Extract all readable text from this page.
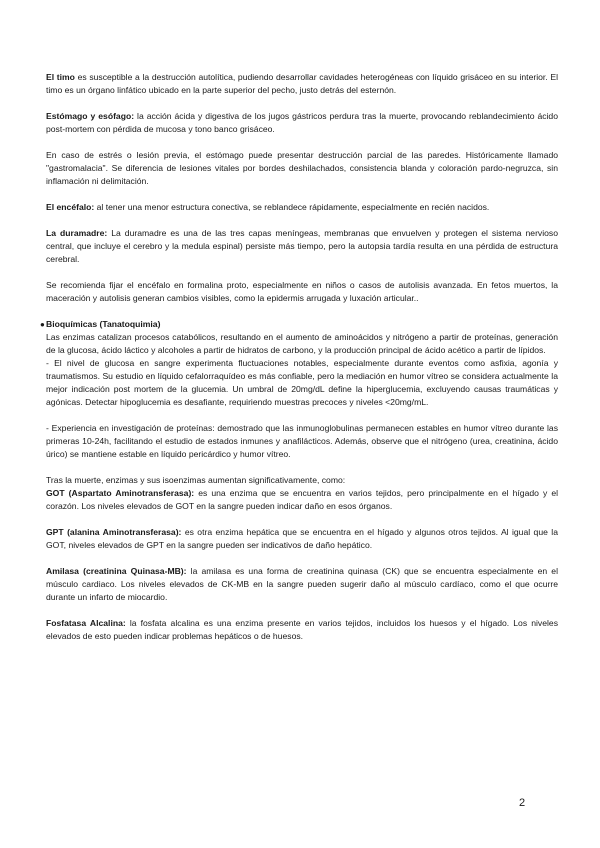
El timo es susceptible a la destrucción autolítica, pudiendo desarrollar cavidades heterogéneas con líquido grisáceo en su interior. El timo es un órgano linfático ubicado en la parte superior del pecho, justo detrás del esternón.

Estómago y esófago: la acción ácida y digestiva de los jugos gástricos perdura tras la muerte, provocando reblandecimiento ácido post-mortem con pérdida de mucosa y tono banco grisáceo.

En caso de estrés o lesión previa, el estómago puede presentar destrucción parcial de las paredes. Históricamente llamado "gastromalacia". Se diferencia de lesiones vitales por bordes deshilachados, consistencia blanda y coloración pardo-negruzca, sin inflamación ni delimitación.

El encéfalo: al tener una menor estructura conectiva, se reblandece rápidamente, especialmente en recién nacidos.

La duramadre: La duramadre es una de las tres capas meníngeas, membranas que envuelven y protegen el sistema nervioso central, que incluye el cerebro y la medula espinal) persiste más tiempo, pero la autopsia tardía resulta en una pérdida de estructura cerebral.

Se recomienda fijar el encéfalo en formalina proto, especialmente en niños o casos de autolisis avanzada. En fetos muertos, la maceración y autolisis generan cambios visibles, como la epidermis arrugada y luxación articular..

● Bioquímicas (Tanatoquimia)

Las enzimas catalizan procesos catabólicos, resultando en el aumento de aminoácidos y nitrógeno a partir de proteínas, generación de la glucosa, ácido láctico y alcoholes a partir de hidratos de carbono, y la producción principal de ácido acético a partir de lípidos.

- El nivel de glucosa en sangre experimenta fluctuaciones notables, especialmente durante eventos como asfixia, agonía y traumatismos. Su estudio en líquido cefalorraquídeo es más confiable, pero la mediación en humor vítreo se considera actualmente la mejor indicación post mortem de la glucemia. Un umbral de 20mg/dL define la hiperglucemia, excluyendo causas traumáticas y agónicas. Detectar hipoglucemia es desafiante, requiriendo muestras precoces y niveles <20mg/mL.

- Experiencia en investigación de proteínas: demostrado que las inmunoglobulinas permanecen estables en humor vítreo durante las primeras 10-24h, facilitando el estudio de estados inmunes y anafilácticos. Además, observe que el nitrógeno (urea, creatinina, ácido úrico) se mantiene estable en líquido pericárdico y humor vítreo.

Tras la muerte, enzimas y sus isoenzimas aumentan significativamente, como:

GOT (Aspartato Aminotransferasa): es una enzima que se encuentra en varios tejidos, pero principalmente en el hígado y el corazón. Los niveles elevados de GOT en la sangre pueden indicar daño en esos órganos.

GPT (alanina Aminotransferasa): es otra enzima hepática que se encuentra en el hígado y algunos otros tejidos. Al igual que la GOT, niveles elevados de GPT en la sangre pueden ser indicativos de daño hepático.

Amilasa (creatinina Quinasa-MB): la amilasa es una forma de creatinina quinasa (CK) que se encuentra especialmente en el músculo cardiaco. Los niveles elevados de CK-MB en la sangre pueden sugerir daño al músculo cardíaco, como el que ocurre durante un infarto de miocardio.

Fosfatasa Alcalina: la fosfata alcalina es una enzima presente en varios tejidos, incluidos los huesos y el hígado. Los niveles elevados de esto pueden indicar problemas hepáticos o de huesos.

2
